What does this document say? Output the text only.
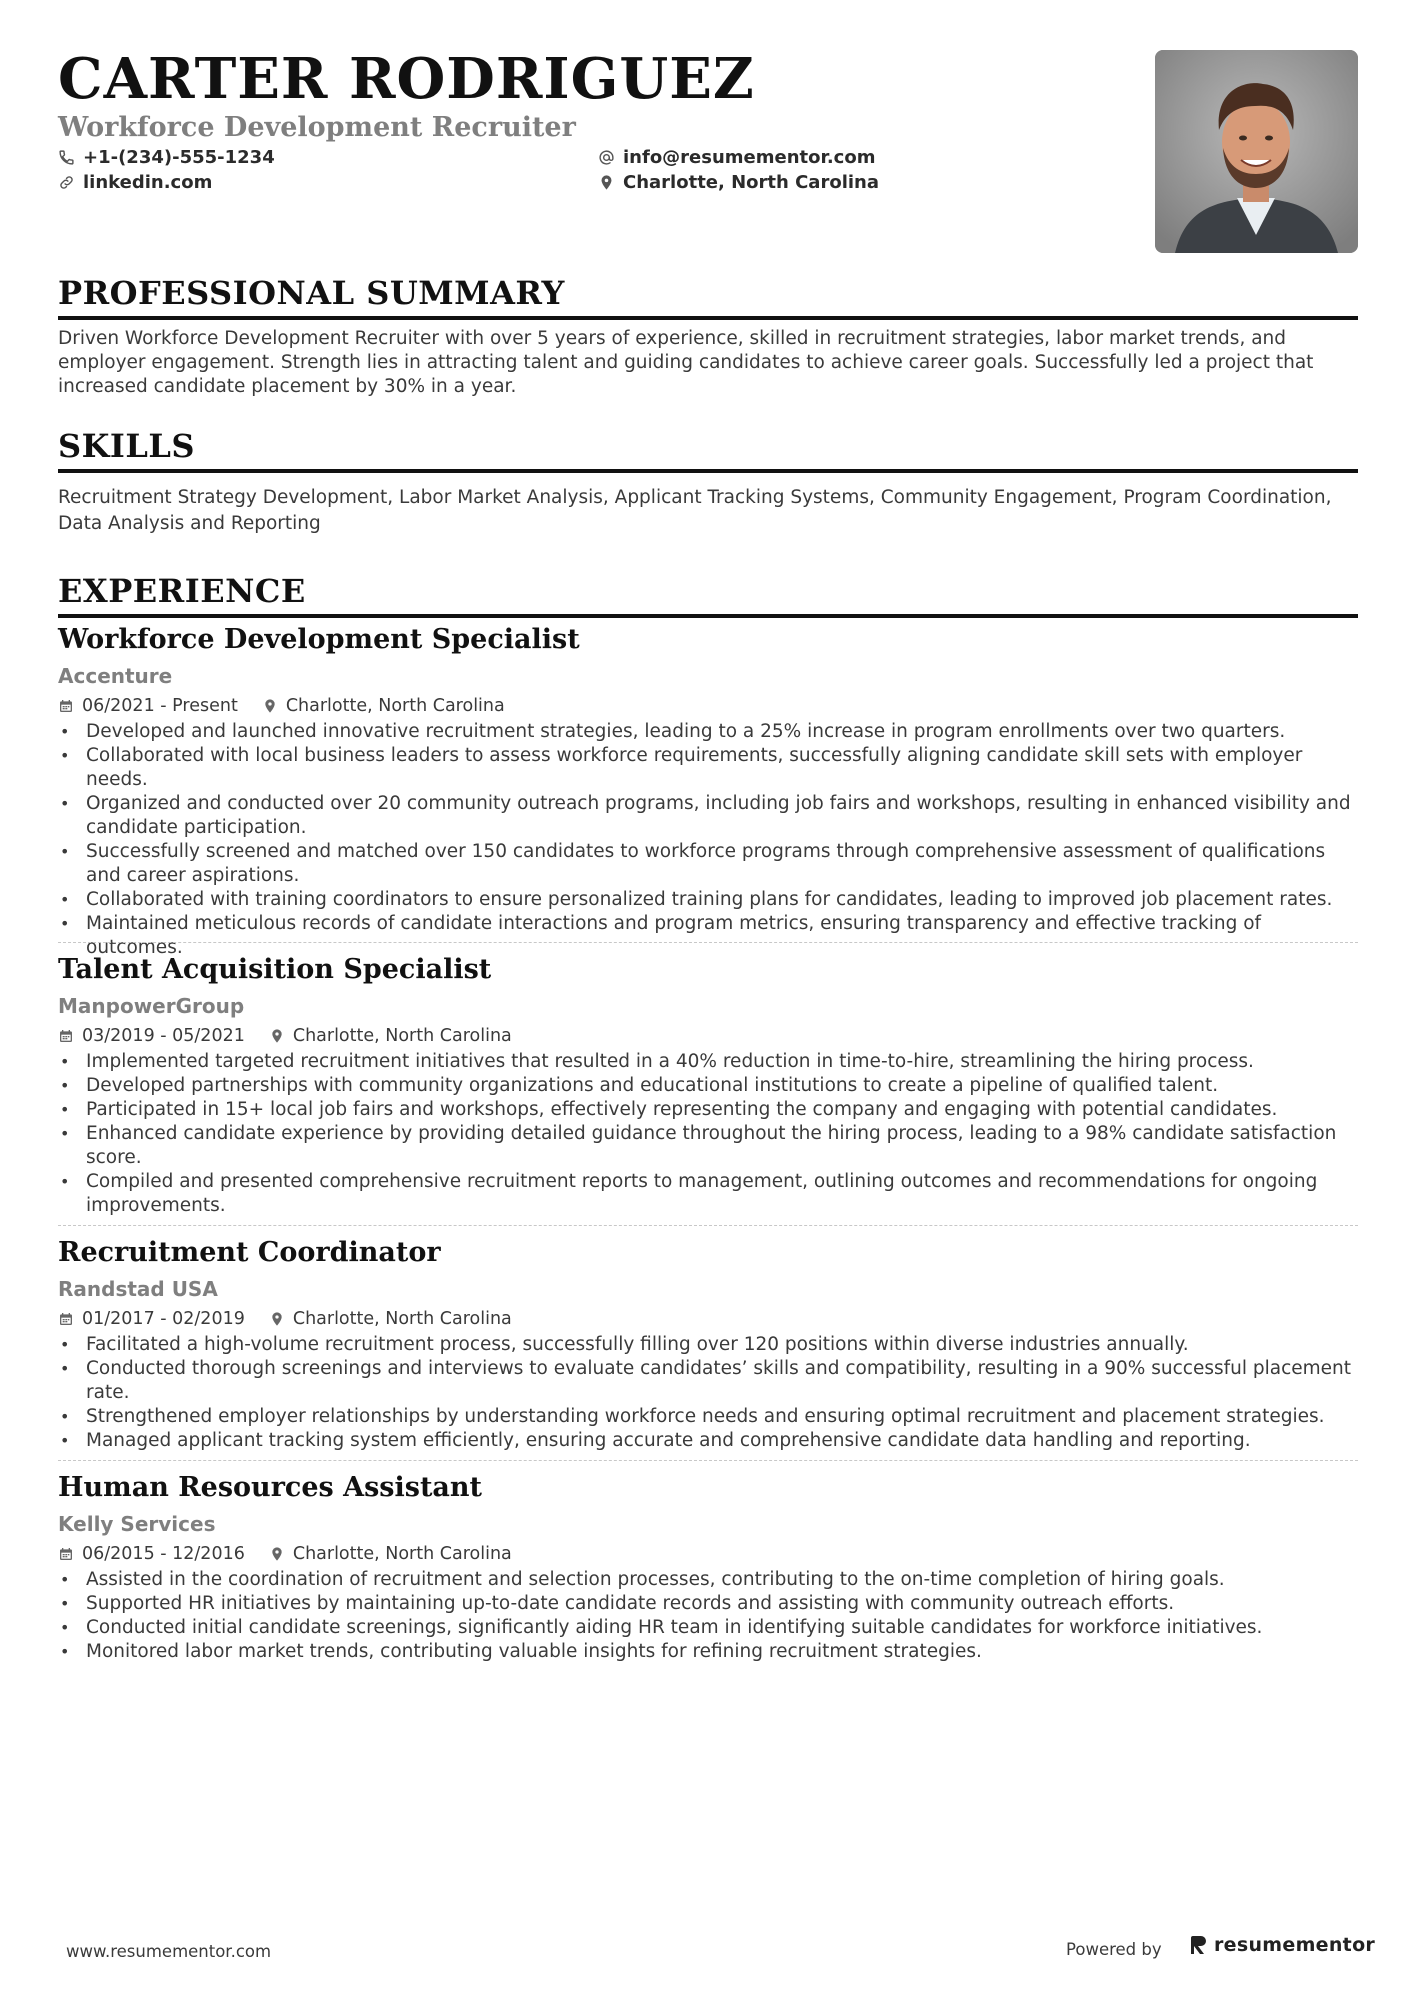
CARTER RODRIGUEZ
Workforce Development Recruiter
+1-(234)-555-1234
linkedin.com
info@resumementor.com
Charlotte, North Carolina
PROFESSIONAL SUMMARY

Driven Workforce Development Recruiter with over 5 years of experience, skilled in recruitment strategies, labor market trends, and employer engagement. Strength lies in attracting talent and guiding candidates to achieve career goals. Successfully led a project that increased candidate placement by 30% in a year.

SKILLS

Recruitment Strategy Development, Labor Market Analysis, Applicant Tracking Systems, Community Engagement, Program Coordination, Data Analysis and Reporting

EXPERIENCE
Workforce Development Specialist
Accenture
06/2021 - Present	Charlotte, North Carolina
• Developed and launched innovative recruitment strategies, leading to a 25% increase in program enrollments over two quarters.
• Collaborated with local business leaders to assess workforce requirements, successfully aligning candidate skill sets with employer needs.
• Organized and conducted over 20 community outreach programs, including job fairs and workshops, resulting in enhanced visibility and candidate participation.
• Successfully screened and matched over 150 candidates to workforce programs through comprehensive assessment of qualifications and career aspirations.
• Collaborated with training coordinators to ensure personalized training plans for candidates, leading to improved job placement rates.
• Maintained meticulous records of candidate interactions and program metrics, ensuring transparency and effective tracking of outcomes.
Talent Acquisition Specialist
ManpowerGroup
03/2019 - 05/2021	Charlotte, North Carolina
• Implemented targeted recruitment initiatives that resulted in a 40% reduction in time-to-hire, streamlining the hiring process.
• Developed partnerships with community organizations and educational institutions to create a pipeline of qualified talent.
• Participated in 15+ local job fairs and workshops, effectively representing the company and engaging with potential candidates.
• Enhanced candidate experience by providing detailed guidance throughout the hiring process, leading to a 98% candidate satisfaction score.
• Compiled and presented comprehensive recruitment reports to management, outlining outcomes and recommendations for ongoing improvements.
Recruitment Coordinator
Randstad USA
01/2017 - 02/2019	Charlotte, North Carolina
• Facilitated a high-volume recruitment process, successfully filling over 120 positions within diverse industries annually.
• Conducted thorough screenings and interviews to evaluate candidates’ skills and compatibility, resulting in a 90% successful placement rate.
• Strengthened employer relationships by understanding workforce needs and ensuring optimal recruitment and placement strategies.
• Managed applicant tracking system efficiently, ensuring accurate and comprehensive candidate data handling and reporting.
Human Resources Assistant
Kelly Services
06/2015 - 12/2016	Charlotte, North Carolina
• Assisted in the coordination of recruitment and selection processes, contributing to the on-time completion of hiring goals.
• Supported HR initiatives by maintaining up-to-date candidate records and assisting with community outreach efforts.
• Conducted initial candidate screenings, significantly aiding HR team in identifying suitable candidates for workforce initiatives.
• Monitored labor market trends, contributing valuable insights for refining recruitment strategies.
www.resumementor.com	Powered by	resumementor
